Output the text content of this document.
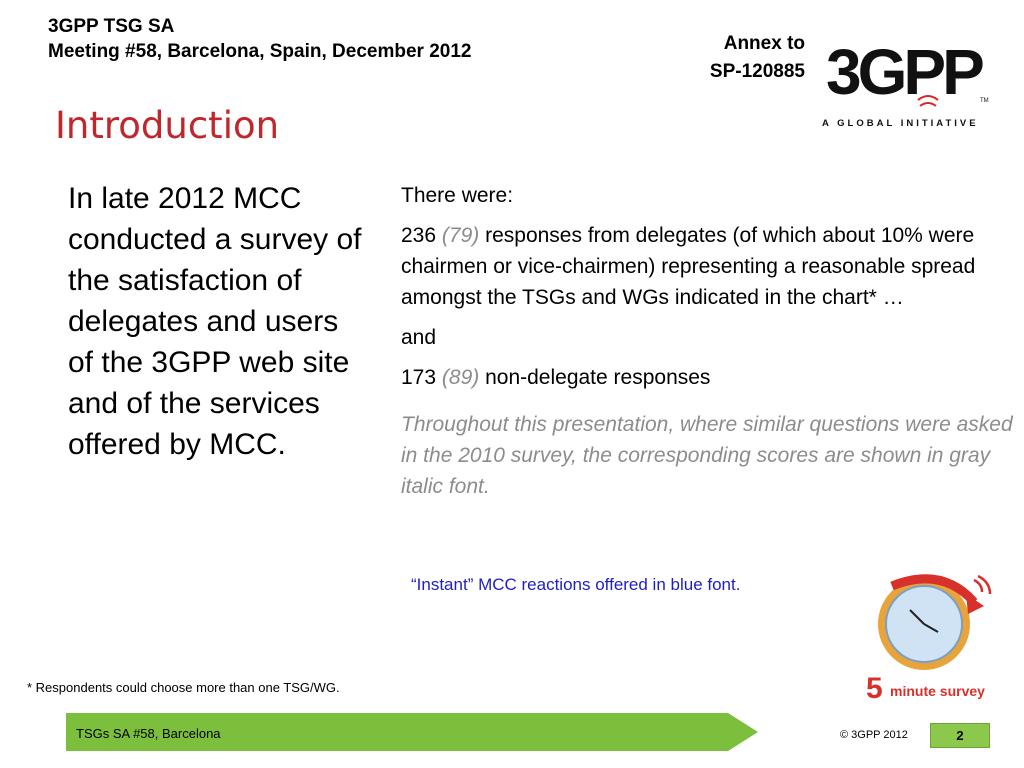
3GPP TSG SA
Meeting #58, Barcelona, Spain, December 2012	Annex to
SP-120885 3GPP TM
A GLOBAL INITIATIVE
Introduction
In late 2012 MCC conducted a survey of the satisfaction of delegates and users of the 3GPP web site and of the services offered by MCC.

There were:

236 (79) responses from delegates (of which about 10% were chairmen or vice-chairmen) representing a reasonable spread amongst the TSGs and WGs indicated in the chart* …

and

173 (89) non-delegate responses

Throughout this presentation, where similar questions were asked in the 2010 survey, the corresponding scores are shown in gray italic font.
“Instant” MCC reactions offered in blue font.
5 minute survey
* Respondents could choose more than one TSG/WG.
TSGs SA #58, Barcelona	© 3GPP 2012	2
